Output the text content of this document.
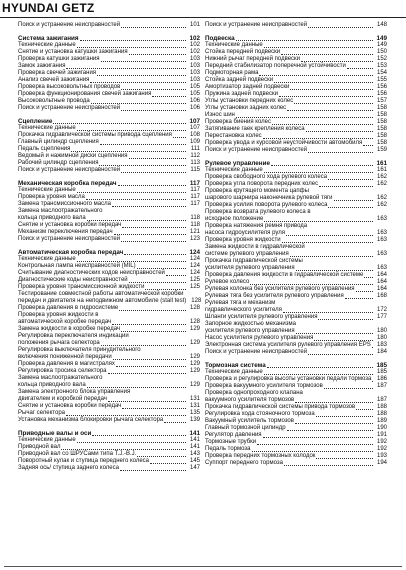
HYUNDAI GETZ
Поиск и устранение неисправностей	101
Система зажигания	102
Технические данные	102
Снятие и установка катушки зажигания	102
Проверка катушки зажигания	103
Замок зажигания	103
Проверка свечей зажигания	103
Анализ свечей зажигания	103
Проверка высоковольтных проводов	105
Проверка функционирования свечей зажигания	105
Высоковольтные провода	106
Поиск и устранение неисправностей	106
Сцепление	107
Технические данные	107
Прокачка гидравлической системы привода сцепления	108
Главный цилиндр сцепления	109
Педаль сцепления	111
Ведомый и нажимной диски сцепления	112
Рабочий цилиндр сцепления	113
Поиск и устранение неисправностей	115
Механическая коробка передач	117
Технические данные	117
Проверка уровня масла	117
Замена трансмиссионного масла	117
Замена маслоотражательного
кольца приводного вала	118
Снятие и установка коробки передач	118
Механизм переключения передач	121
Поиск и устранение неисправностей	123
Автоматическая коробка передач	124
Технические данные	124
Контрольная лампа неисправностей (MIL)	124
Считывание диагностических кодов неисправностей	124
Диагностические коды неисправностей	125
Проверка уровня трансмиссионной жидкости	125
Тестирование совместной работы автоматической коробки
передач и двигателя на неподвижном автомобиле (stall test) 128
Проверка давления в гидросистеме	128
Проверка уровня жидкости в
автоматической коробке передач	128
Замена жидкости в коробке передач	129
Регулировка переключателя индикации
положения рычага селектора	129
Регулировка выключателя принудительного
включения пониженной передачи	129
Проверка давления в магистралях	129
Регулировка тросика селектора	129
Замена маслоотражательного
кольца приводного вала	129
Замена электронного блока управления
двигателем и коробкой передач	131
Снятие и установка коробки передач	131
Рычаг селектора	135
Установка механизма блокировки рычага селектора	139
Приводные валы и оси	141
Технические данные	141
Приводной вал	141
Приводной вал со ШРУСами типа T.J.-B.J.	143
Поворотный кулак и ступица переднего колеса	145
Задняя ось/ ступица заднего колеса	147
Поиск и устранение неисправностей	148
Подвеска	149
Технические данные	149
Стойка передней подвески	150
Нижний рычаг передней подвески	152
Передний стабилизатор поперечной устойчивости	153
Подмоторная рама	154
Стойка задней подвески	155
Амортизатор задней подвески	156
Пружина задней подвески	156
Углы установки передних колес	157
Углы установки задних колес	158
Износ шин	158
Проверка биения колес	158
Затягивание гаек крепления колеса	158
Перестановка колес	158
Проверка уводa и курсовой неустойчивости автомобиля	158
Поиск и устранение неисправностей	159
Рулевое управление	161
Технические данные	161
Проверка свободного хода рулевого колеса	162
Проверка угла поворота передних колес	162
Проверка крутящего момента цапфы
шарового шарнира наконечника рулевой тяги	162
Проверка усилия поворота рулевого колеса	162
Проверка возврата рулевого колеса в
исходное положение	163
Проверка натяжения ремня привода
насоса гидроусилителя руля	163
Проверка уровня жидкости	163
Замена жидкости в гидравлической
системе рулевого управления	163
Прокачка гидравлической системы
усилителя рулевого управления	163
Проверка давления жидкости в гидравлической системе	164
Рулевое колесо	164
Рулевая колонка без усилителя рулевого управления	164
Рулевая тяга без усилителя рулевого управления	168
Рулевая тяга и механизм
гидравлического усилителя	172
Шланги усилителя рулевого управления	177
Запорнoe жидкостью механизма
усилителя рулевого управления	180
Насос усилителя рулевого управления	180
Электронная система усилителя рулевого управления EPS	183
Поиск и устранение неисправностей	184
Тормозная система	185
Технические данные	185
Проверка и регулировка высоты установки педали тормоза 186
Проверка вакуумного усилителя тормозов	187
Проверка однопроходного клапана
вакуумного усилителя тормозов	187
Прокачка гидравлической системы привода тормозов	188
Регулировка хода стояночного тормоза	188
Вакуумный усилитель тормозов	189
Главный тормозной цилиндр	190
Регулятор давления	191
Тормозные трубки	192
Педаль тормоза	192
Проверка передних тормозных колодок	193
Суппорт переднего тормоза	194
